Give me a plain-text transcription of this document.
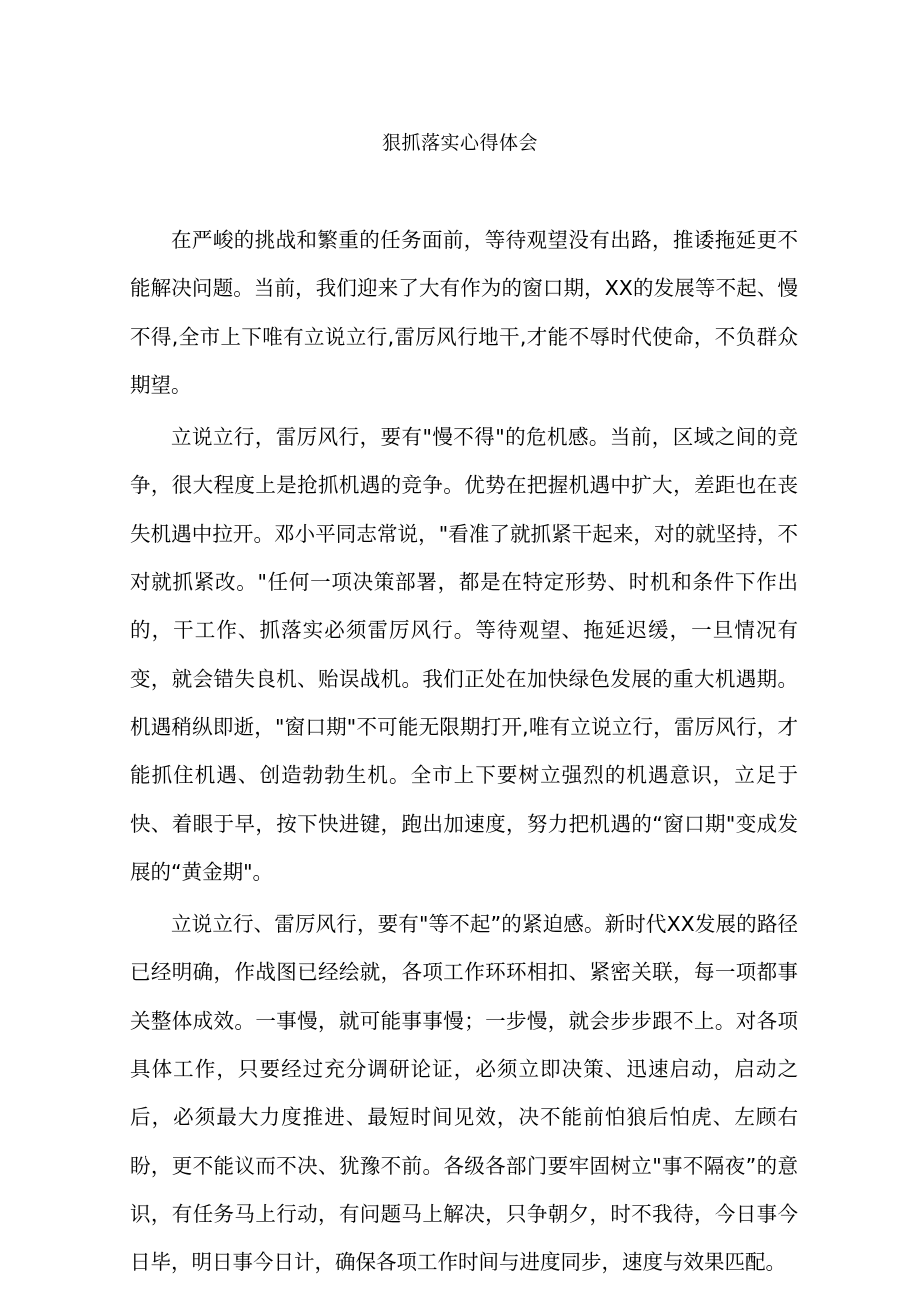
狠抓落实心得体会

在严峻的挑战和繁重的任务面前，等待观望没有出路，推诿拖延更不能解决问题。当前，我们迎来了大有作为的窗口期，XX的发展等不起、慢不得,全市上下唯有立说立行,雷厉风行地干,才能不辱时代使命，不负群众期望。

立说立行，雷厉风行，要有"慢不得"的危机感。当前，区域之间的竞争，很大程度上是抢抓机遇的竞争。优势在把握机遇中扩大，差距也在丧失机遇中拉开。邓小平同志常说，"看准了就抓紧干起来，对的就坚持，不对就抓紧改。"任何一项决策部署，都是在特定形势、时机和条件下作出的，干工作、抓落实必须雷厉风行。等待观望、拖延迟缓，一旦情况有变，就会错失良机、贻误战机。我们正处在加快绿色发展的重大机遇期。机遇稍纵即逝，"窗口期"不可能无限期打开,唯有立说立行，雷厉风行，才能抓住机遇、创造勃勃生机。全市上下要树立强烈的机遇意识，立足于快、着眼于早，按下快进键，跑出加速度，努力把机遇的“窗口期"变成发展的“黄金期"。

立说立行、雷厉风行，要有"等不起”的紧迫感。新时代XX发展的路径已经明确，作战图已经绘就，各项工作环环相扣、紧密关联，每一项都事关整体成效。一事慢，就可能事事慢；一步慢，就会步步跟不上。对各项具体工作，只要经过充分调研论证，必须立即决策、迅速启动，启动之后，必须最大力度推进、最短时间见效，决不能前怕狼后怕虎、左顾右盼，更不能议而不决、犹豫不前。各级各部门要牢固树立"事不隔夜”的意识，有任务马上行动，有问题马上解决，只争朝夕，时不我待，今日事今日毕，明日事今日计，确保各项工作时间与进度同步，速度与效果匹配。
